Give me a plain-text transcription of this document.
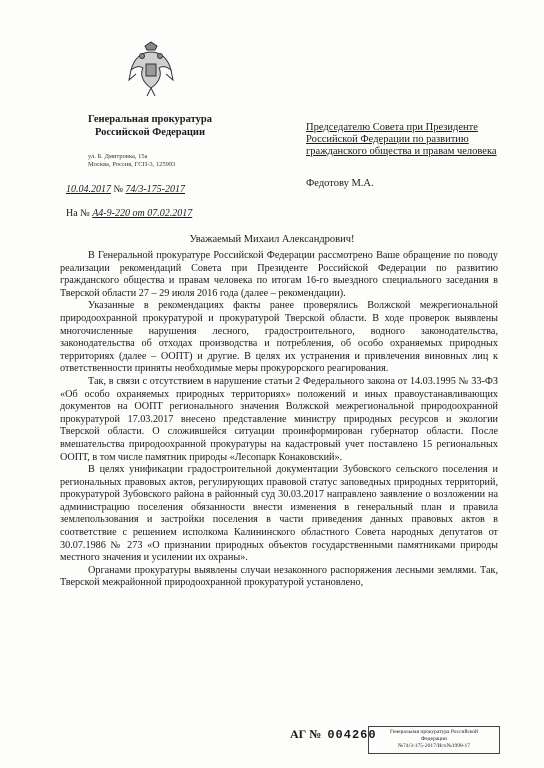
Генеральная прокуратура
Российской Федерации
ул. Б. Дмитровка, 15а
Москва, Россия, ГСП-3, 125993
10.04.2017 № 74/3-175-2017
На № А4-9-220 от 07.02.2017
Председателю Совета при Президенте Российской Федерации по развитию гражданского общества и правам человека
Федотову М.А.
Уважаемый Михаил Александрович!

В Генеральной прокуратуре Российской Федерации рассмотрено Ваше обращение по поводу реализации рекомендаций Совета при Президенте Российской Федерации по развитию гражданского общества и правам человека по итогам 16-го выездного специального заседания в Тверской области 27 – 29 июля 2016 года (далее – рекомендации).

Указанные в рекомендациях факты ранее проверялись Волжской межрегиональной природоохранной прокуратурой и прокуратурой Тверской области. В ходе проверок выявлены многочисленные нарушения лесного, градостроительного, водного законодательства, законодательства об отходах производства и потребления, об особо охраняемых природных территориях (далее – ООПТ) и другие. В целях их устранения и привлечения виновных лиц к ответственности приняты необходимые меры прокурорского реагирования.

Так, в связи с отсутствием в нарушение статьи 2 Федерального закона от 14.03.1995 № 33-ФЗ «Об особо охраняемых природных территориях» положений и иных правоустанавливающих документов на ООПТ регионального значения Волжской межрегиональной природоохранной прокуратурой 17.03.2017 внесено представление министру природных ресурсов и экологии Тверской области. О сложившейся ситуации проинформирован губернатор области. После вмешательства природоохранной прокуратуры на кадастровый учет поставлено 15 региональных ООПТ, в том числе памятник природы «Лесопарк Конаковский».

В целях унификации градостроительной документации Зубовского сельского поселения и региональных правовых актов, регулирующих правовой статус заповедных природных территорий, прокуратурой Зубовского района в районный суд 30.03.2017 направлено заявление о возложении на администрацию поселения обязанности внести изменения в генеральный план и правила землепользования и застройки поселения в части приведения данных правовых актов в соответствие с решением исполкома Калининского областного Совета народных депутатов от 30.07.1986 № 273 «О признании природных объектов государственными памятниками природы местного значения и усилении их охраны».

Органами прокуратуры выявлены случаи незаконного распоряжения лесными землями. Так, Тверской межрайонной природоохранной прокуратурой установлено,

АГ № 004260	Генеральная прокуратура Российской
Федерации
№74/3-175-2017/Исх№1998-17
